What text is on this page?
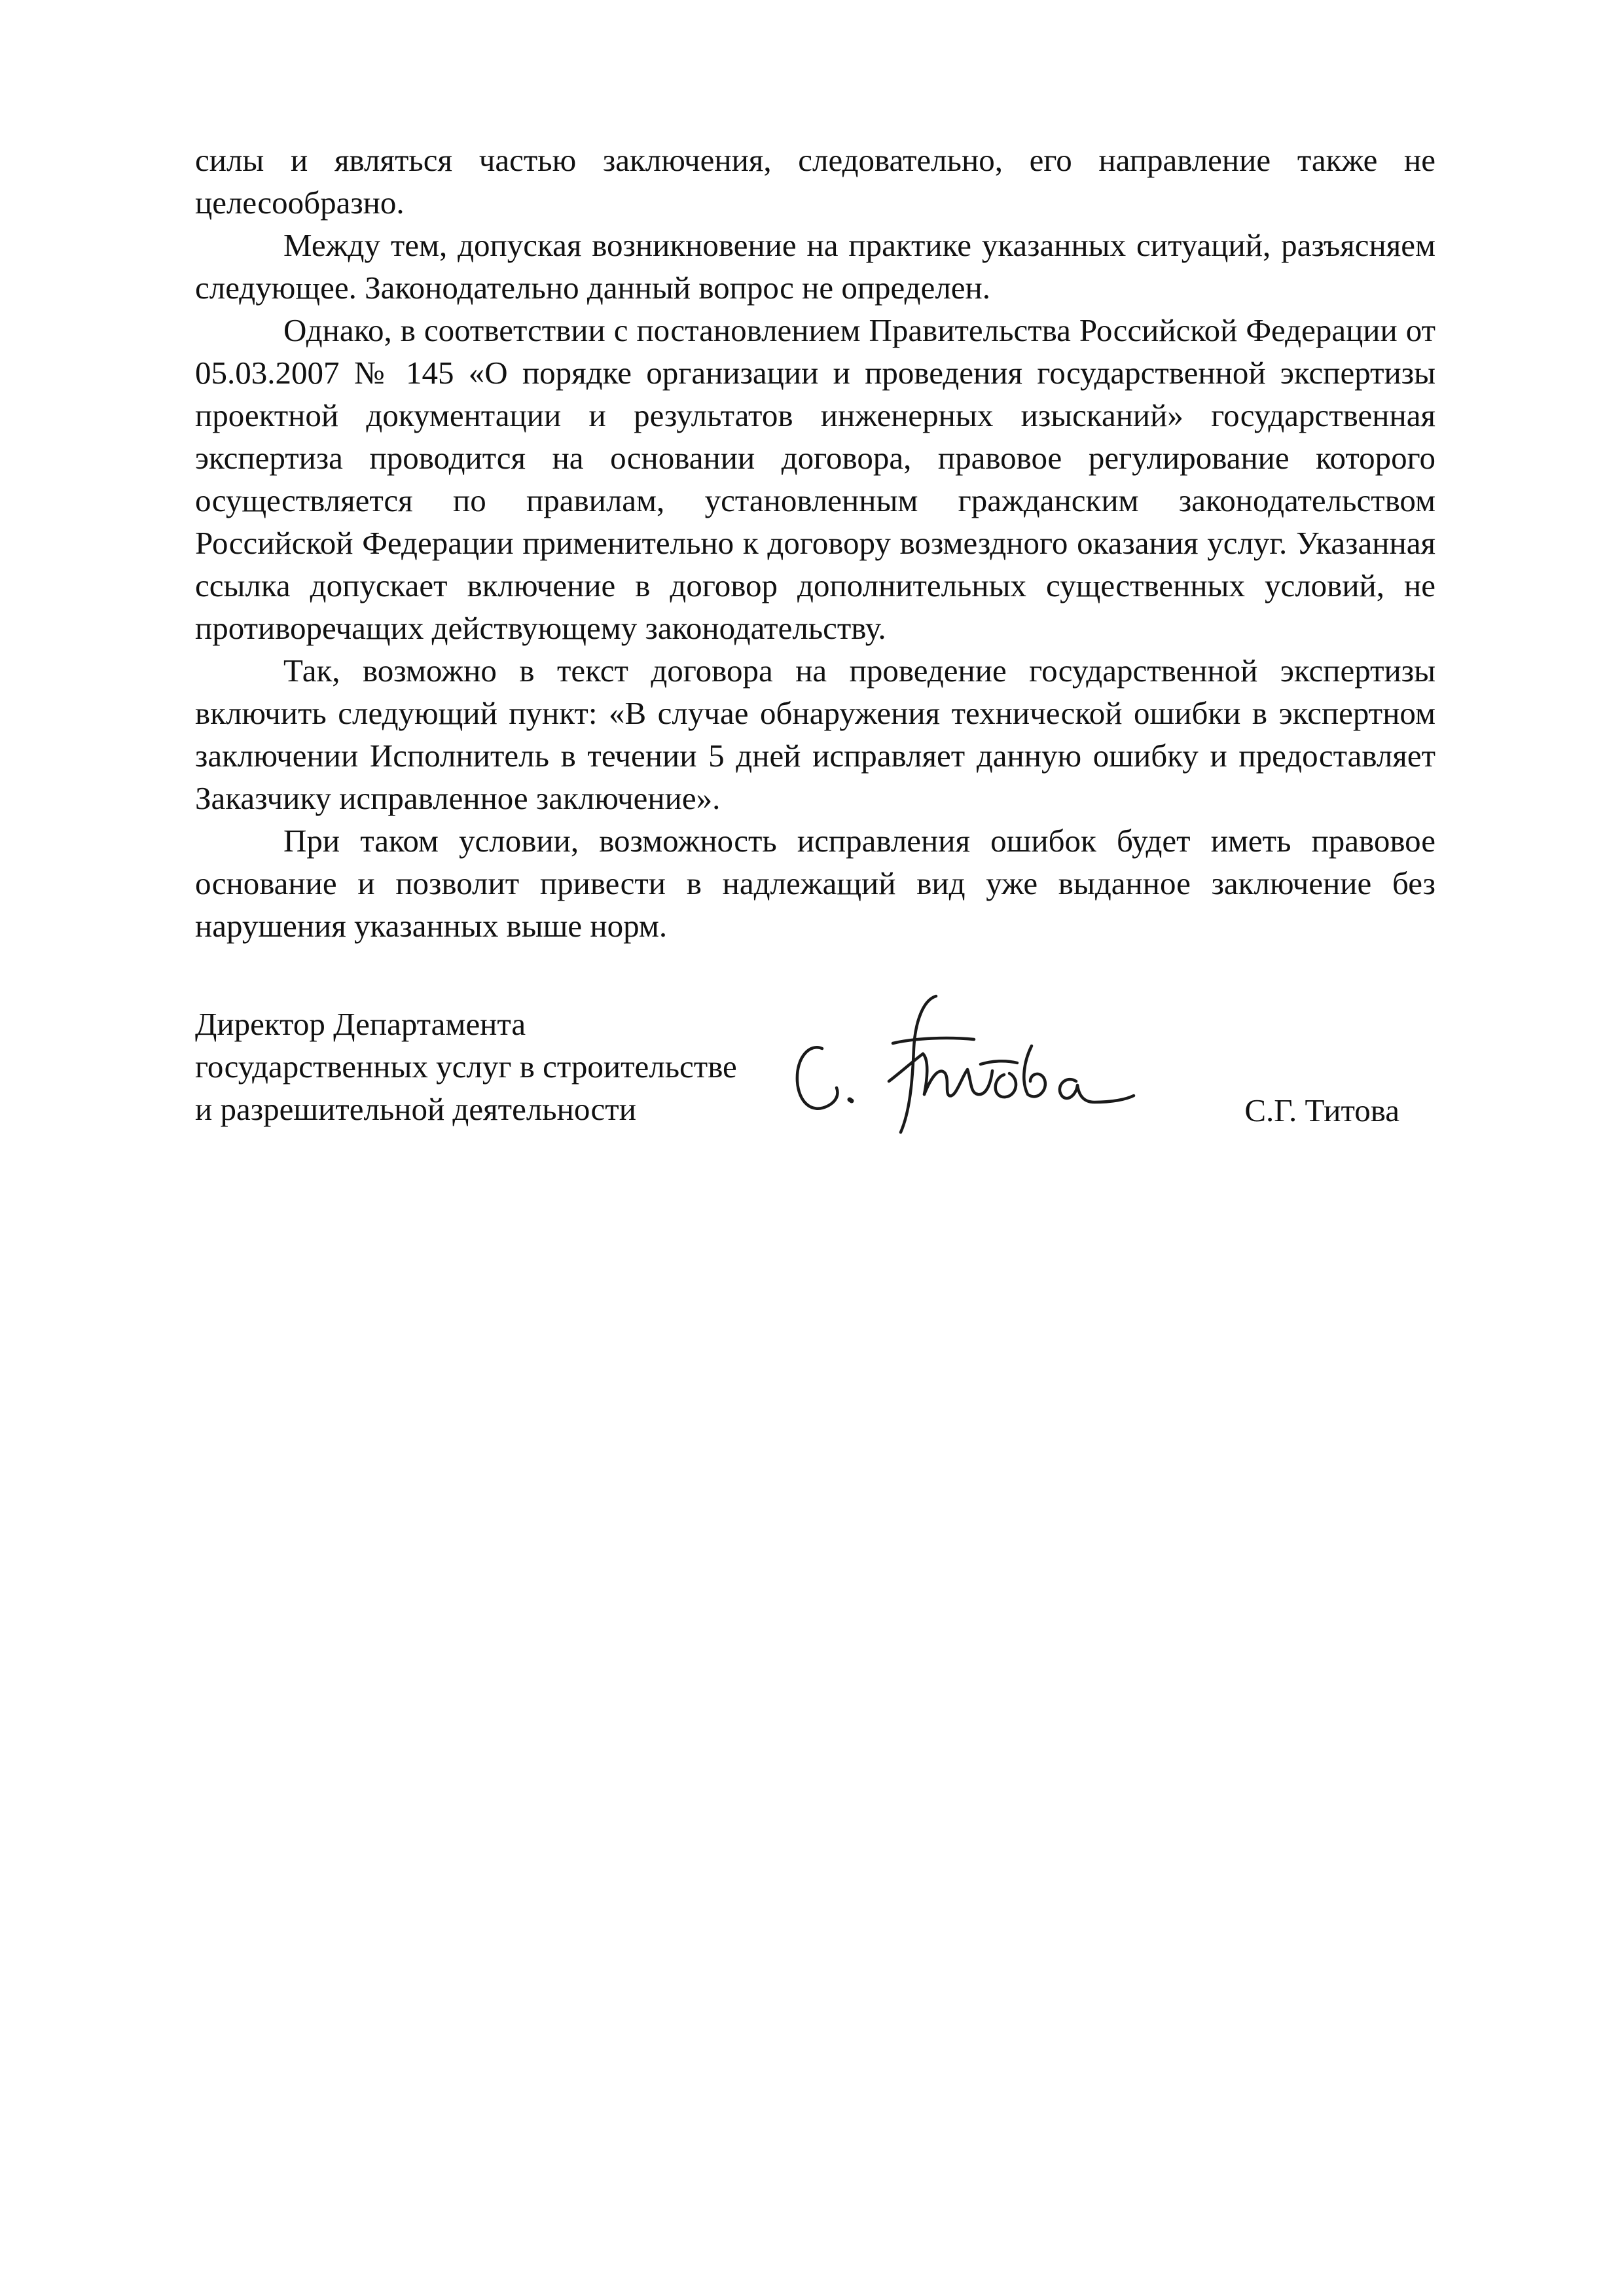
силы и являться частью заключения, следовательно, его направление также не целесообразно.

Между тем, допуская возникновение на практике указанных ситуаций, разъясняем следующее. Законодательно данный вопрос не определен.

Однако, в соответствии с постановлением Правительства Российской Федерации от 05.03.2007 № 145 «О порядке организации и проведения государственной экспертизы проектной документации и результатов инженерных изысканий» государственная экспертиза проводится на основании договора, правовое регулирование которого осуществляется по правилам, установленным гражданским законодательством Российской Федерации применительно к договору возмездного оказания услуг. Указанная ссылка допускает включение в договор дополнительных существенных условий, не противоречащих действующему законодательству.

Так, возможно в текст договора на проведение государственной экспертизы включить следующий пункт: «В случае обнаружения технической ошибки в экспертном заключении Исполнитель в течении 5 дней исправляет данную ошибку и предоставляет Заказчику исправленное заключение».

При таком условии, возможность исправления ошибок будет иметь правовое основание и позволит привести в надлежащий вид уже выданное заключение без нарушения указанных выше норм.

Директор Департамента
государственных услуг в строительстве
и разрешительной деятельности	С.Г. Титова
